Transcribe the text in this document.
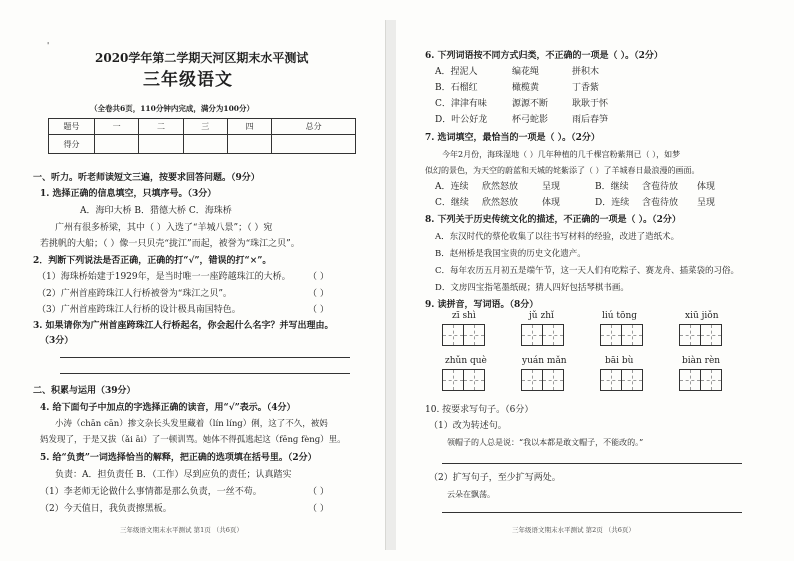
'
2020学年第二学期天河区期末水平测试
三年级语文
（全卷共6页，110分钟内完成，满分为100分）
题号	一	二	三	四	总分
得分					
一、听力。听老师读短文三遍，按要求回答问题。（9分）
1. 选择正确的信息填空，只填序号。（3分）
A．海印大桥 B．猎德大桥 C．海珠桥
广州有很多桥梁，其中（ ）入选了“羊城八景”；（ ）宛
若挑帆的大船；（ ）像一只贝壳“拢江”而起，被誉为“珠江之贝”。
2．判断下列说法是否正确，正确的打“√”，错误的打“×”。
（1）海珠桥始建于1929年，是当时唯一一座跨越珠江的大桥。 （ ）
（2）广州首座跨珠江人行桥被誉为“珠江之贝”。	（ ）
（3）广州首座跨珠江人行桥的设计极具南国特色。	（ ）
3. 如果请你为广州首座跨珠江人行桥起名，你会起什么名字？并写出理由。
（3分）
二、积累与运用（39分）
4. 给下面句子中加点的字选择正确的读音，用“√”表示。（4分）
小涛（chān cān）掺文杂长头发里藏着（lín líng）俐，这了不久，被妈
妈发现了，于是又拔（ǎi āi）了一顿训骂。她体不得孤逃起这（fēnɡ fènɡ）里。
5. 给“负责”一词选择恰当的解释，把正确的选项填在括号里。（2分）
负责：A．担负责任 B．（工作）尽到应负的责任；认真踏实
（1）李老师无论做什么事情都是那么负责，一丝不苟。	（ ）
（2）今天值日，我负责擦黑板。	（ ）
三年级语文期末水平测试 第1页 （共6页）
6. 下列词语按不同方式归类，不正确的一项是（ ）。（2分）
A．捏泥人	编花绳	拼积木
B．石榴红	橄榄黄	丁香紫
C．津津有味	源源不断	耿耿于怀
D．叶公好龙	杯弓蛇影	雨后春笋
7. 选词填空，最恰当的一项是（ ）。（2分）
今年2月份，海珠湿地（ ）几年种植的几千棵宫粉紫荆已（ ），如梦
似幻的景色，为天空的蔚蓝和天城的姹紫添了（ ）了羊城春日最浪漫的画面。
A．连续 欣然怒放	呈现	B．继续 含苞待放 体现
C．继续 欣然怒放	体现	D．连续 含苞待放 呈现
8. 下列关于历史传统文化的描述，不正确的一项是（ ）。（2分）
A．东汉时代的蔡伦收集了以往书写材料的经验，改进了造纸术。
B．赵州桥是我国宝贵的历史文化遗产。
C．每年农历五月初五是端午节，这一天人们有吃粽子、赛龙舟、插菜袋的习俗。
D．文房四宝指笔墨纸砚；猜人四好包括琴棋书画。
9. 读拼音，写词语。（8分）
zī shì	jǔ zhǐ	liú tōnɡ	xiū jiǒn
zhǔn què	yuán mǎn	bāi bù	biàn rèn
10. 按要求写句子。（6分）
（1）改为转述句。
领帽子的人总是说：“我以本都是敢文帽子，不能改的。”
（2）扩写句子，至少扩写两处。
云朵在飘荡。
三年级语文期末水平测试 第2页 （共6页）
